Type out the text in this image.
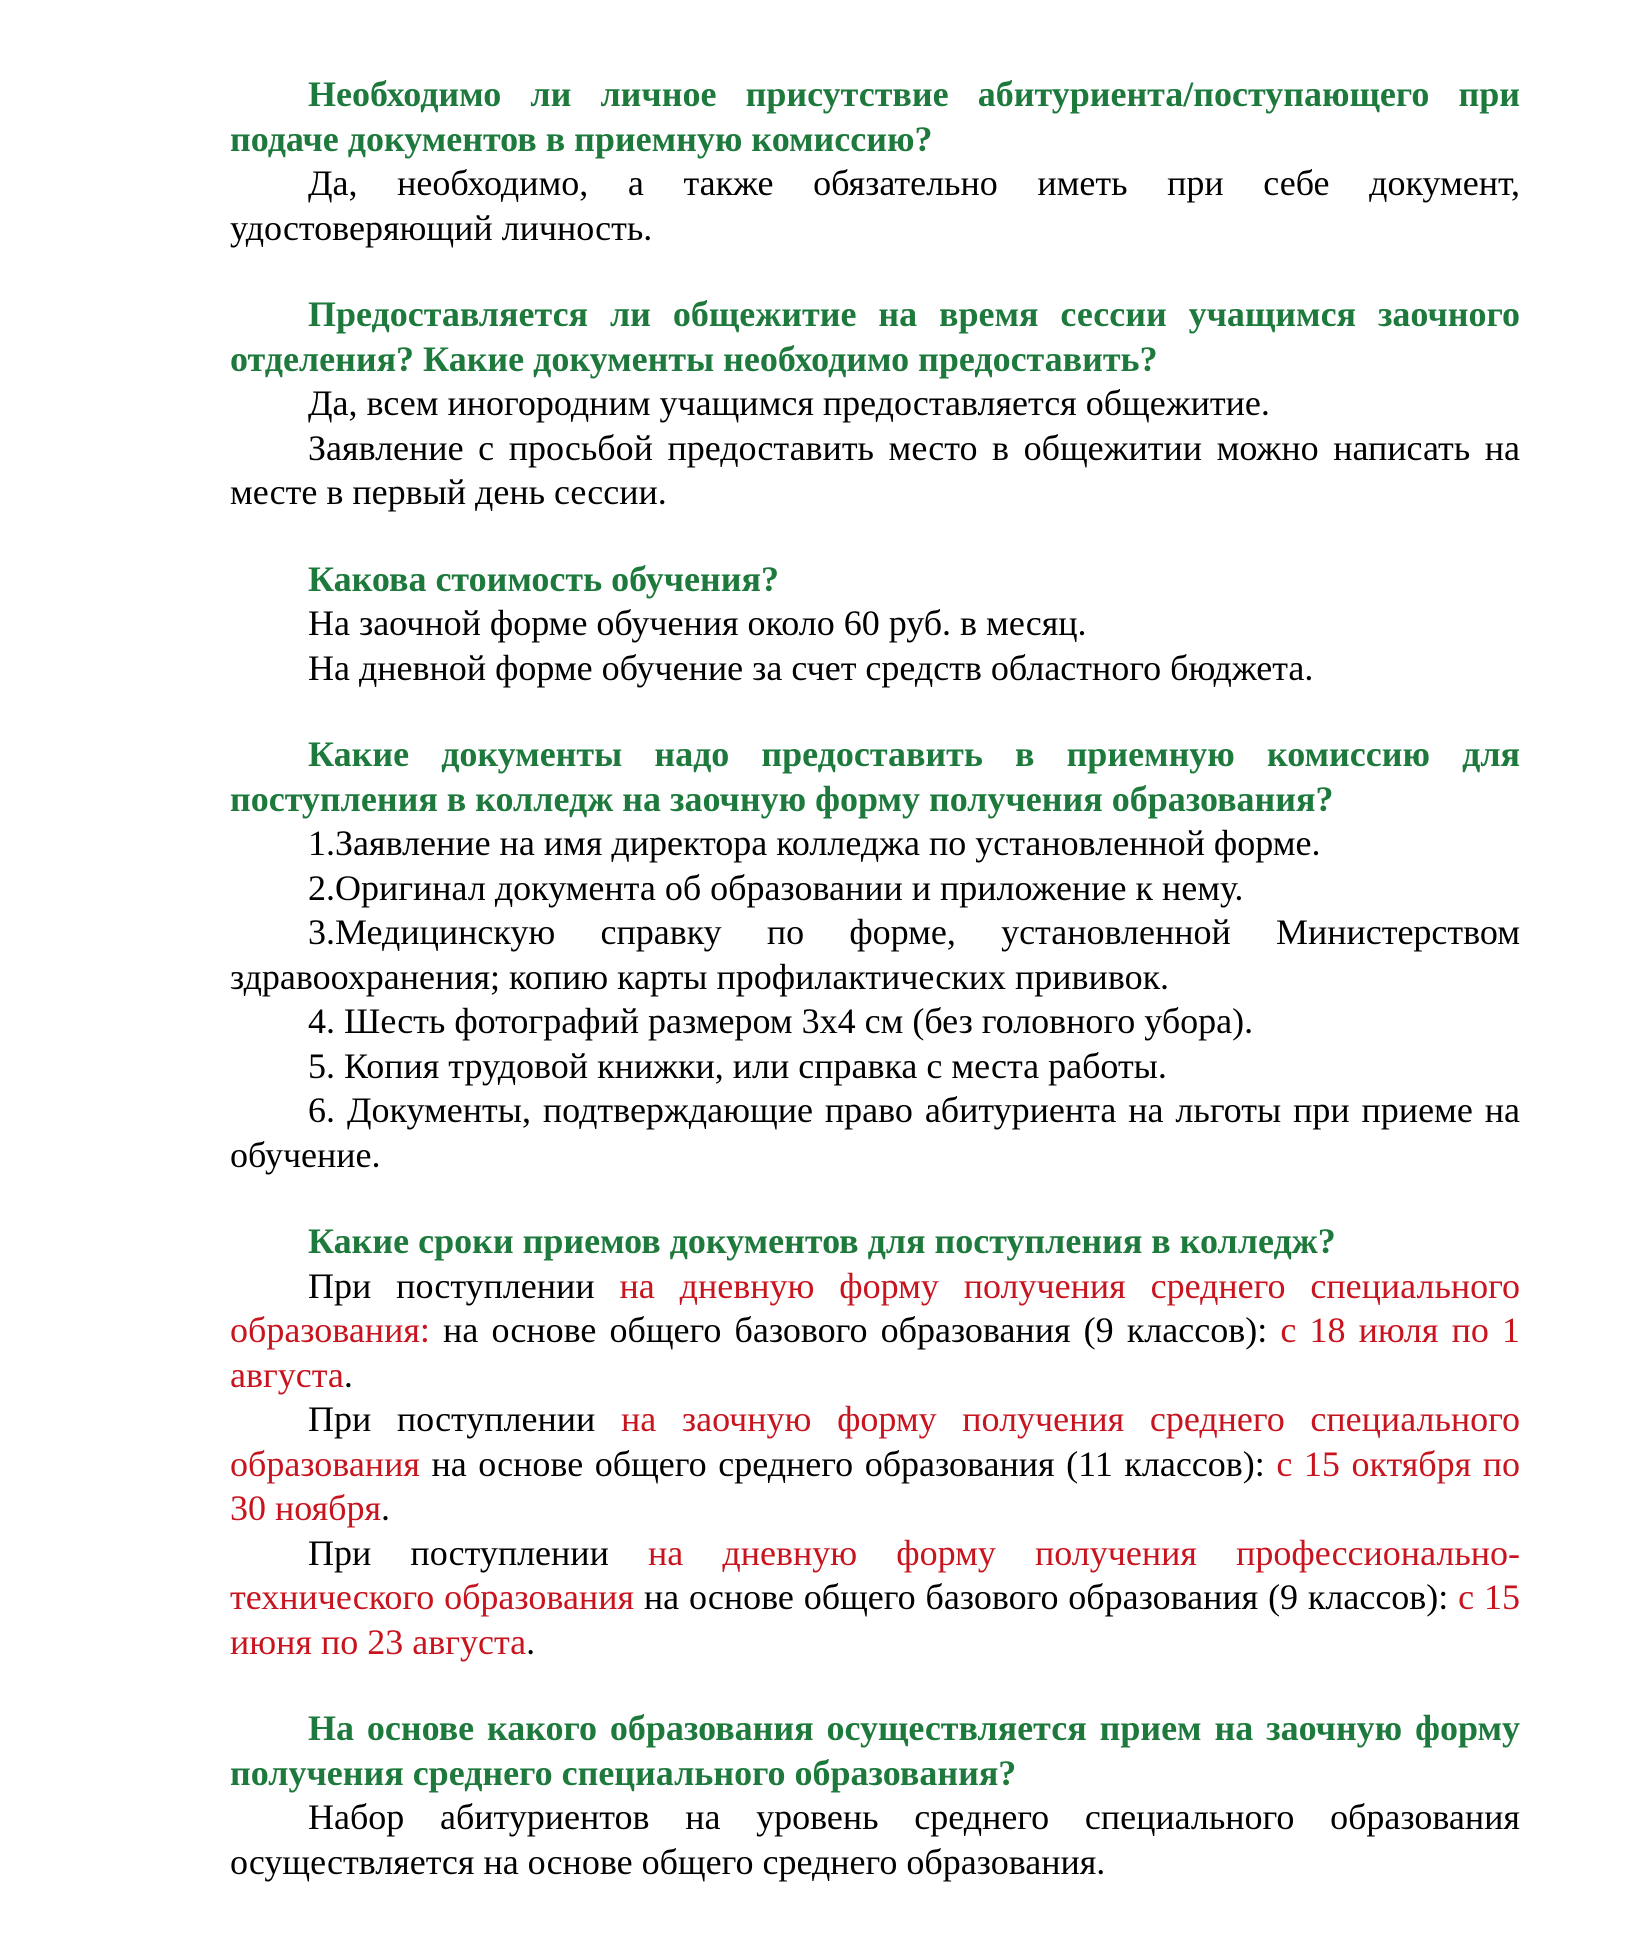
Необходимо ли личное присутствие абитуриента/поступающего при подаче документов в приемную комиссию?

Да, необходимо, а также обязательно иметь при себе документ, удостоверяющий личность.

Предоставляется ли общежитие на время сессии учащимся заочного отделения? Какие документы необходимо предоставить?

Да, всем иногородним учащимся предоставляется общежитие.

Заявление с просьбой предоставить место в общежитии можно написать на месте в первый день сессии.

Какова стоимость обучения?

На заочной форме обучения около 60 руб. в месяц.

На дневной форме обучение за счет средств областного бюджета.

Какие документы надо предоставить в приемную комиссию для поступления в колледж на заочную форму получения образования?

1.Заявление на имя директора колледжа по установленной форме.

2.Оригинал документа об образовании и приложение к нему.

3.Медицинскую справку по форме, установленной Министерством здравоохранения; копию карты профилактических прививок.

4. Шесть фотографий размером 3х4 см (без головного убора).

5. Копия трудовой книжки, или справка с места работы.

6. Документы, подтверждающие право абитуриента на льготы при приеме на обучение.

Какие сроки приемов документов для поступления в колледж?

При поступлении на дневную форму получения среднего специального образования: на основе общего базового образования (9 классов): с 18 июля по 1 августа.

При поступлении на заочную форму получения среднего специального образования на основе общего среднего образования (11 классов): с 15 октября по 30 ноября.

При поступлении на дневную форму получения профессионально-технического образования на основе общего базового образования (9 классов): с 15 июня по 23 августа.

На основе какого образования осуществляется прием на заочную форму получения среднего специального образования?

Набор абитуриентов на уровень среднего специального образования осуществляется на основе общего среднего образования.
